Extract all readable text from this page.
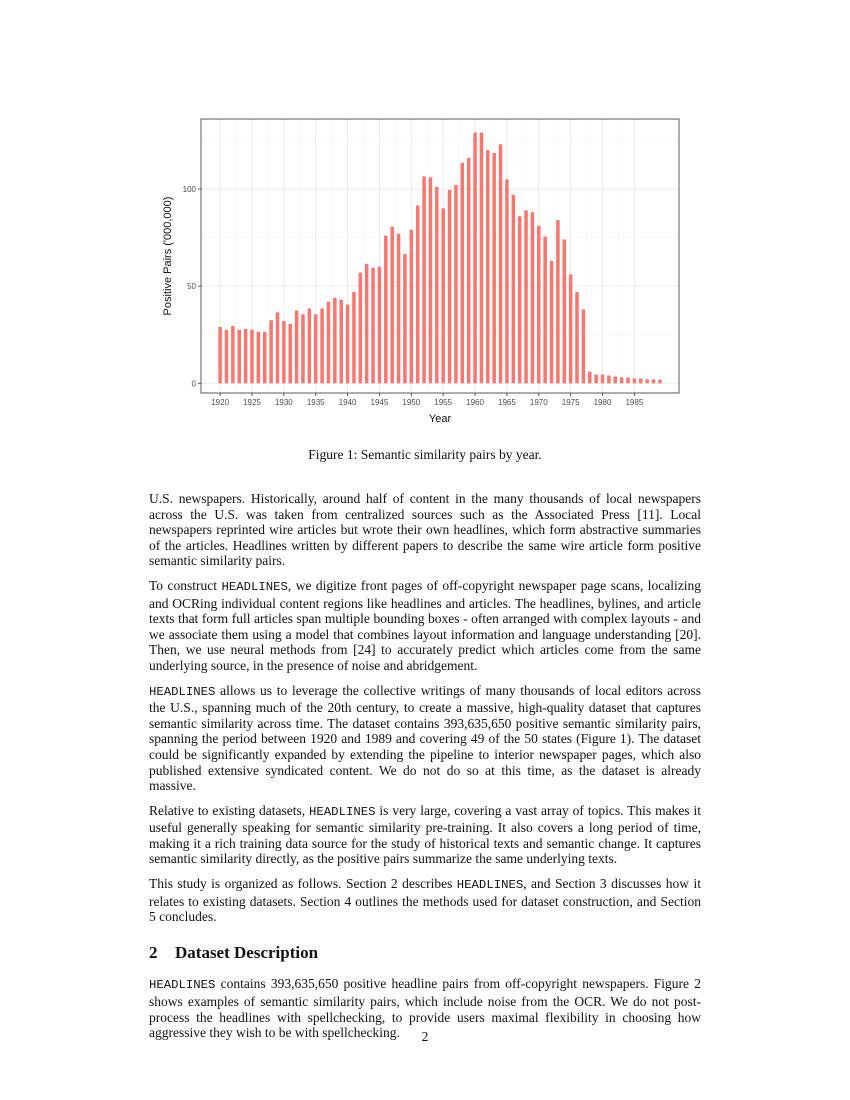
0
50
100
1920 1925 1930 1935 1940 1945 1950 1955 1960 1965 1970 1975 1980 1985
Year
Positive Pairs ('000,000)
Figure 1: Semantic similarity pairs by year.

U.S. newspapers. Historically, around half of content in the many thousands of local newspapers across the U.S. was taken from centralized sources such as the Associated Press [11]. Local newspapers reprinted wire articles but wrote their own headlines, which form abstractive summaries of the articles. Headlines written by different papers to describe the same wire article form positive semantic similarity pairs.

To construct HEADLINES, we digitize front pages of off-copyright newspaper page scans, localizing and OCRing individual content regions like headlines and articles. The headlines, bylines, and article texts that form full articles span multiple bounding boxes - often arranged with complex layouts - and we associate them using a model that combines layout information and language understanding [20]. Then, we use neural methods from [24] to accurately predict which articles come from the same underlying source, in the presence of noise and abridgement.

HEADLINES allows us to leverage the collective writings of many thousands of local editors across the U.S., spanning much of the 20th century, to create a massive, high-quality dataset that captures semantic similarity across time. The dataset contains 393,635,650 positive semantic similarity pairs, spanning the period between 1920 and 1989 and covering 49 of the 50 states (Figure 1). The dataset could be significantly expanded by extending the pipeline to interior newspaper pages, which also published extensive syndicated content. We do not do so at this time, as the dataset is already massive.

Relative to existing datasets, HEADLINES is very large, covering a vast array of topics. This makes it useful generally speaking for semantic similarity pre-training. It also covers a long period of time, making it a rich training data source for the study of historical texts and semantic change. It captures semantic similarity directly, as the positive pairs summarize the same underlying texts.

This study is organized as follows. Section 2 describes HEADLINES, and Section 3 discusses how it relates to existing datasets. Section 4 outlines the methods used for dataset construction, and Section 5 concludes.

2 Dataset Description

HEADLINES contains 393,635,650 positive headline pairs from off-copyright newspapers. Figure 2 shows examples of semantic similarity pairs, which include noise from the OCR. We do not post-process the headlines with spellchecking, to provide users maximal flexibility in choosing how aggressive they wish to be with spellchecking.	2
